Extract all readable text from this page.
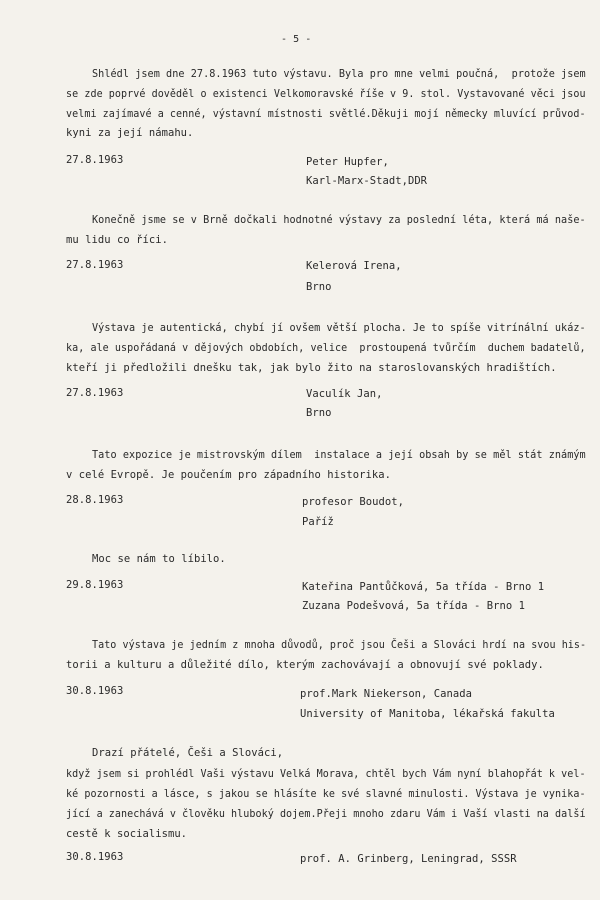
- 5 -
Shlédl jsem dne 27.8.1963 tuto výstavu. Byla pro mne velmi poučná,  protože jsem
se zde poprvé dověděl o existenci Velkomoravské říše v 9. stol. Vystavované věci jsou
velmi zajímavé a cenné, výstavní místnosti světlé.Děkuji mojí německy mluvící průvod-
kyni za její námahu.
27.8.1963	Peter Hupfer,
Karl-Marx-Stadt,DDR
Konečně jsme se v Brně dočkali hodnotné výstavy za poslední léta, která má naše-
mu lidu co říci.
27.8.1963	Kelerová Irena,
Brno
Výstava je autentická, chybí jí ovšem větší plocha. Je to spíše vitrínální ukáz-
ka, ale uspořádaná v dějových obdobích, velice  prostoupená tvůrčím  duchem badatelů,
kteří ji předložili dnešku tak, jak bylo žito na staroslovanských hradištích.
27.8.1963	Vaculík Jan,
Brno
Tato expozice je mistrovským dílem  instalace a její obsah by se měl stát známým
v celé Evropě. Je poučením pro západního historika.
28.8.1963	profesor Boudot,
Paříž
Moc se nám to líbilo.
29.8.1963	Kateřina Pantůčková, 5a třída - Brno 1
Zuzana Podešvová, 5a třída - Brno 1
Tato výstava je jedním z mnoha důvodů, proč jsou Češi a Slováci hrdí na svou his-
torii a kulturu a důležité dílo, kterým zachovávají a obnovují své poklady.
30.8.1963	prof.Mark Niekerson, Canada
University of Manitoba, lékařská fakulta
Drazí přátelé, Češi a Slováci,
když jsem si prohlédl Vaši výstavu Velká Morava, chtěl bych Vám nyní blahopřát k vel-
ké pozornosti a lásce, s jakou se hlásíte ke své slavné minulosti. Výstava je vynika-
jící a zanechává v člověku hluboký dojem.Přeji mnoho zdaru Vám i Vaší vlasti na další
cestě k socialismu.
30.8.1963	prof. A. Grinberg, Leningrad, SSSR
